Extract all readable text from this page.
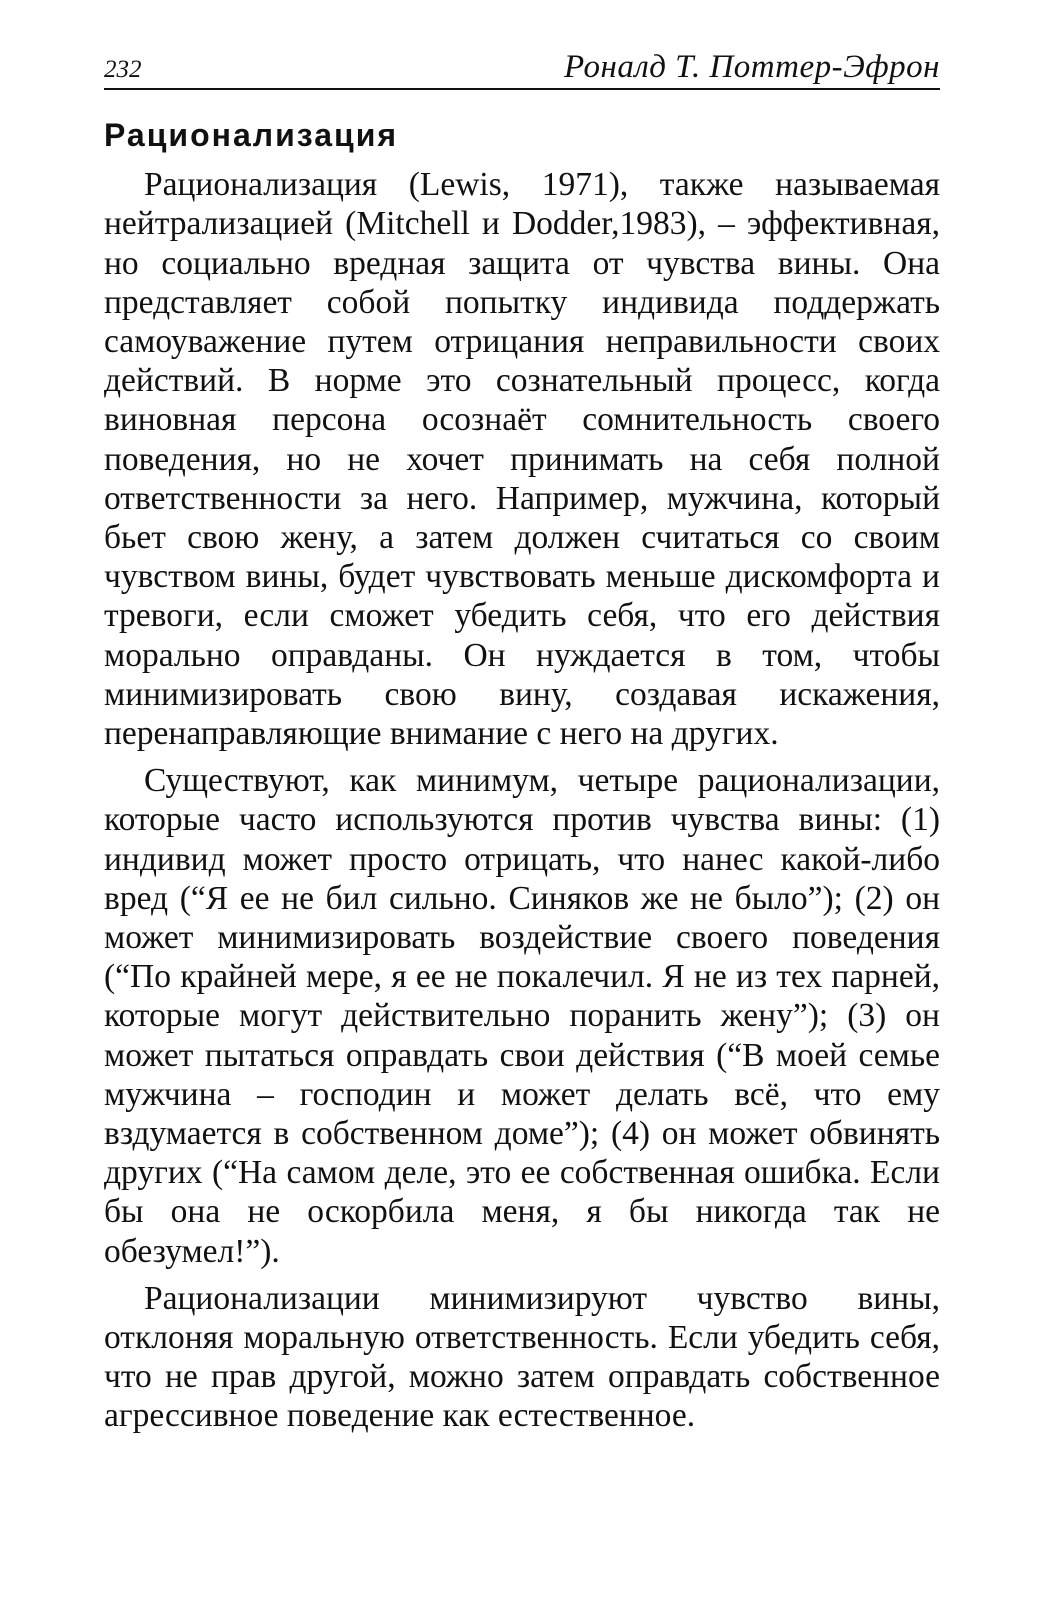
232	Роналд Т. Поттер-Эфрон
Рационализация

Рационализация (Lewis, 1971), также называемая нейтрализацией (Mitchell и Dodder,1983), – эффективная, но социально вредная защита от чувства вины. Она представляет собой попытку индивида поддержать самоуважение путем отрицания неправильности своих действий. В норме это сознательный процесс, когда виновная персона осознаёт сомнительность своего поведения, но не хочет принимать на себя полной ответственности за него. Например, мужчина, который бьет свою жену, а затем должен считаться со своим чувством вины, будет чувствовать меньше дискомфорта и тревоги, если сможет убедить себя, что его действия морально оправданы. Он нуждается в том, чтобы минимизировать свою вину, создавая искажения, перенаправляющие внимание с него на других.

Существуют, как минимум, четыре рационализации, которые часто используются против чувства вины: (1) индивид может просто отрицать, что нанес какой-либо вред (“Я ее не бил сильно. Синяков же не было”); (2) он может минимизировать воздействие своего поведения (“По крайней мере, я ее не покалечил. Я не из тех парней, которые могут действительно поранить жену”); (3) он может пытаться оправдать свои действия (“В моей семье мужчина – господин и может делать всё, что ему вздумается в собственном доме”); (4) он может обвинять других (“На самом деле, это ее собственная ошибка. Если бы она не оскорбила меня, я бы никогда так не обезумел!”).

Рационализации минимизируют чувство вины, отклоняя моральную ответственность. Если убедить себя, что не прав другой, можно затем оправдать собственное агрессивное поведение как естественное.
